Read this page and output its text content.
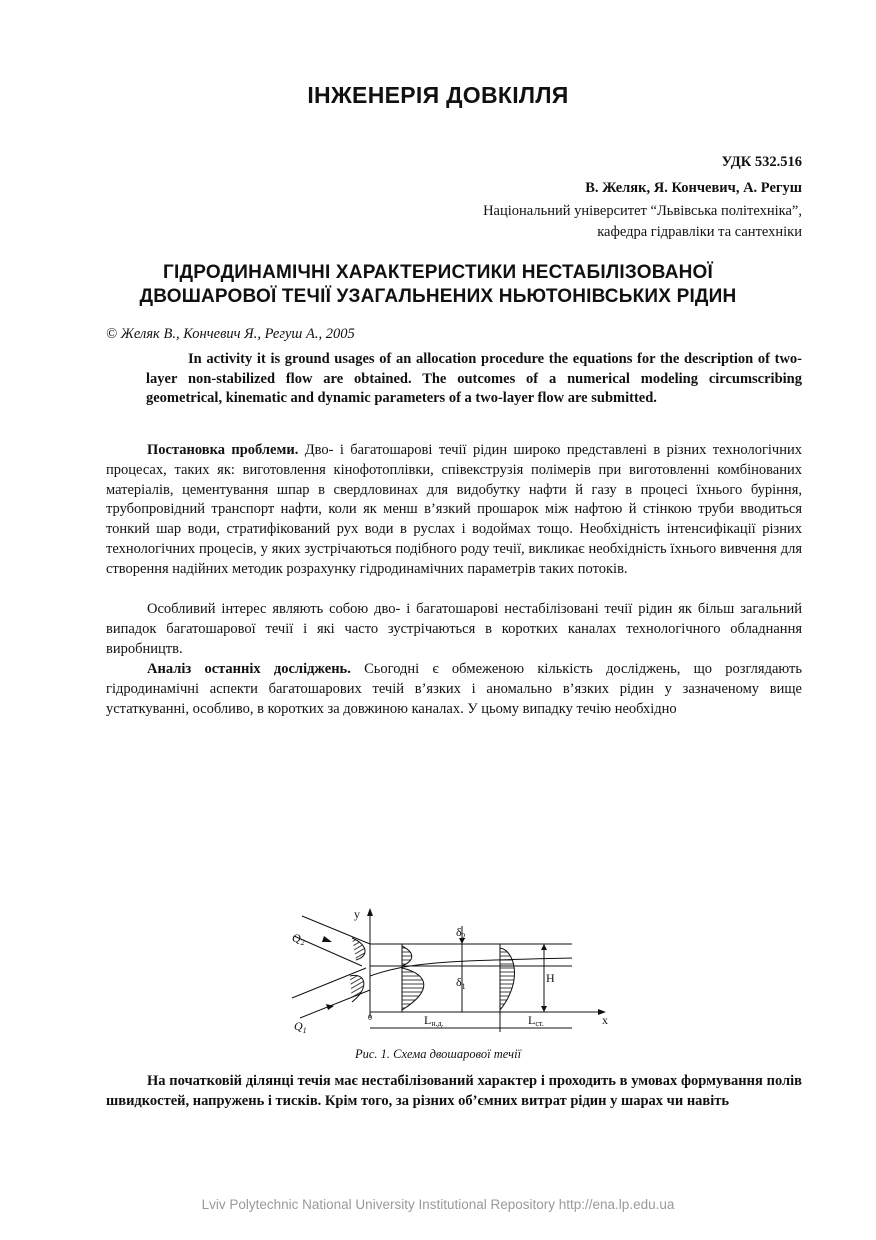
ІНЖЕНЕРІЯ ДОВКІЛЛЯ
УДК 532.516
В. Желяк, Я. Кончевич, А. Регуш
Національний університет “Львівська політехніка”,
кафедра гідравліки та сантехніки
ГІДРОДИНАМІЧНІ ХАРАКТЕРИСТИКИ НЕСТАБІЛІЗОВАНОЇ
ДВОШАРОВОЇ ТЕЧІЇ УЗАГАЛЬНЕНИХ НЬЮТОНІВСЬКИХ РІДИН
© Желяк В., Кончевич Я., Регуш А., 2005
In activity it is ground usages of an allocation procedure the equations for the description of two-layer non-stabilized flow are obtained. The outcomes of a numerical modeling circumscribing geometrical, kinematic and dynamic parameters of a two-layer flow are submitted.
Постановка проблеми. Дво- і багатошарові течії рідин широко представлені в різних технологічних процесах, таких як: виготовлення кінофотоплівки, співекструзія полімерів при виготовленні комбінованих матеріалів, цементування шпар в свердловинах для видобутку нафти й газу в процесі їхнього буріння, трубопровідний транспорт нафти, коли як менш в’язкий прошарок між нафтою й стінкою труби вводиться тонкий шар води, стратифікований рух води в руслах і водоймах тощо. Необхідність інтенсифікації різних технологічних процесів, у яких зустрічаються подібного роду течії, викликає необхідність їхнього вивчення для створення надійних методик розрахунку гідродинамічних параметрів таких потоків.
Особливий інтерес являють собою дво- і багатошарові нестабілізовані течії рідин як більш загальний випадок багатошарової течії і які часто зустрічаються в коротких каналах технологічного обладнання виробництв.
Аналіз останніх досліджень. Сьогодні є обмеженою кількість досліджень, що розглядають гідродинамічні аспекти багатошарових течій в’язких і аномально в’язких рідин у зазначеному вище устаткуванні, особливо, в коротких за довжиною каналах. У цьому випадку течію необхідно
$Q_2$
$Q_1$
y
x
0
$\delta_2$
$\delta_1$
H
Lн.д.	Lст.
Рис. 1. Схема двошарової течії
На початковій ділянці течія має нестабілізований характер і проходить в умовах формування полів швидкостей, напружень і тисків. Крім того, за різних об’ємних витрат рідин у шарах чи навіть
Lviv Polytechnic National University Institutional Repository http://ena.lp.edu.ua
